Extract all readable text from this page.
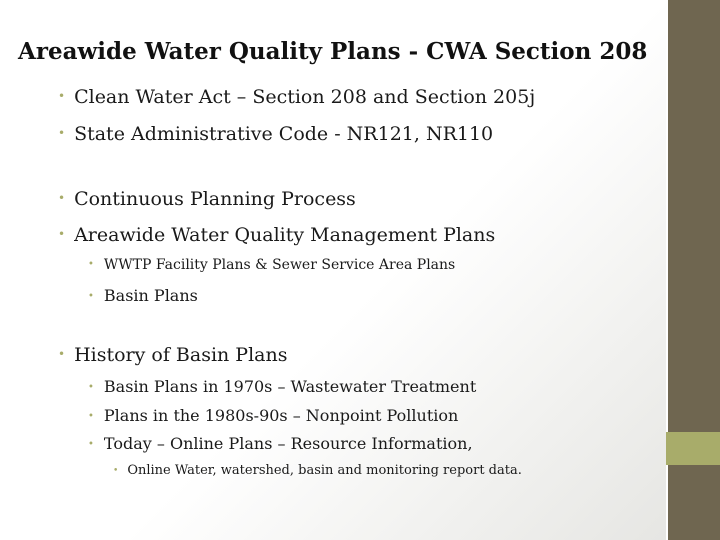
Areawide Water Quality Plans - CWA Section 208
• Clean Water Act – Section 208 and Section 205j
• State Administrative Code - NR121, NR110
• Continuous Planning Process
• Areawide Water Quality Management Plans
• WWTP Facility Plans & Sewer Service Area Plans
• Basin Plans
• History of Basin Plans
• Basin Plans in 1970s – Wastewater Treatment
• Plans in the 1980s-90s – Nonpoint Pollution
• Today – Online Plans – Resource Information,
• Online Water, watershed, basin and monitoring report data.
